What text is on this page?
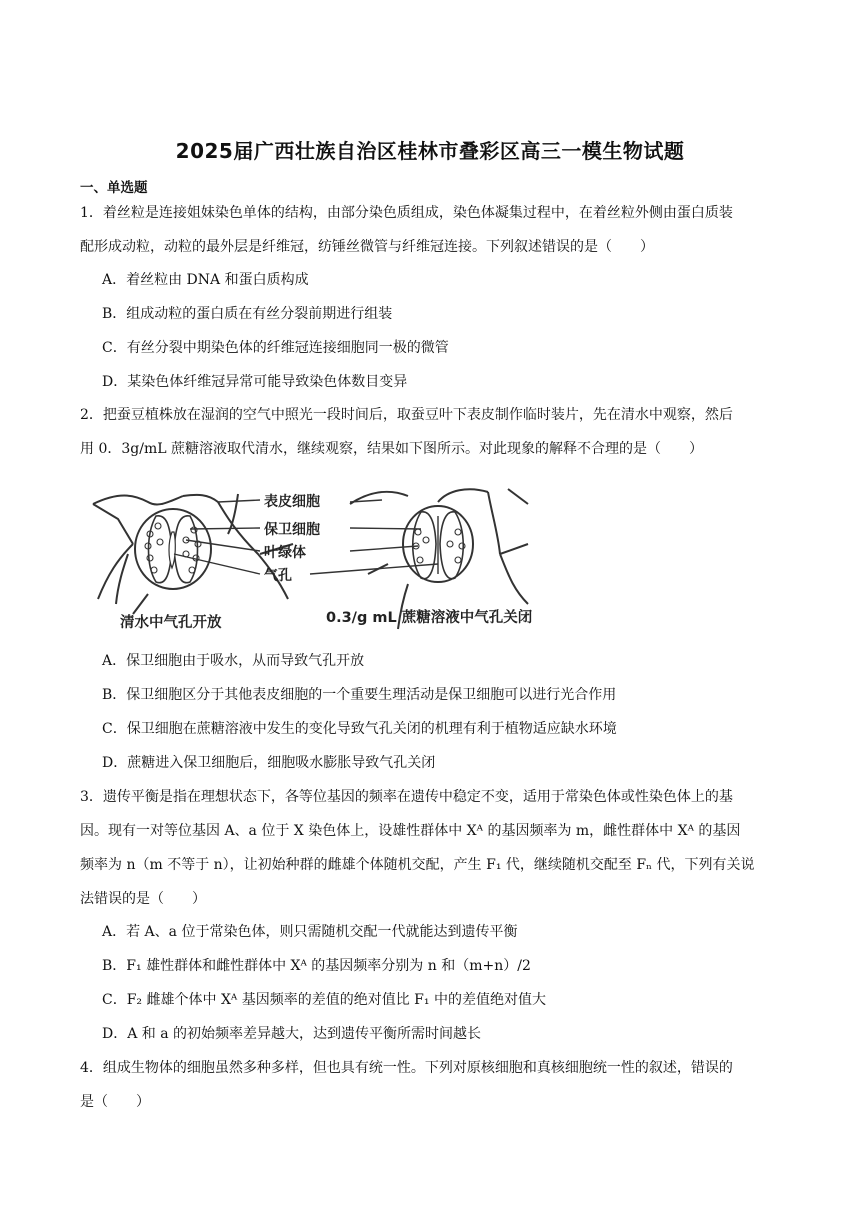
2025届广西壮族自治区桂林市叠彩区高三一模生物试题
一、单选题
1．着丝粒是连接姐妹染色单体的结构，由部分染色质组成，染色体凝集过程中，在着丝粒外侧由蛋白质装
配形成动粒，动粒的最外层是纤维冠，纺锤丝微管与纤维冠连接。下列叙述错误的是（　　）
A．着丝粒由 DNA 和蛋白质构成
B．组成动粒的蛋白质在有丝分裂前期进行组装
C．有丝分裂中期染色体的纤维冠连接细胞同一极的微管
D．某染色体纤维冠异常可能导致染色体数目变异
2．把蚕豆植株放在湿润的空气中照光一段时间后，取蚕豆叶下表皮制作临时装片，先在清水中观察，然后
用 0．3g/mL 蔗糖溶液取代清水，继续观察，结果如下图所示。对此现象的解释不合理的是（　　）
表皮细胞
保卫细胞
叶绿体
气孔
清水中气孔开放	0.3/g mL 蔗糖溶液中气孔关闭
A．保卫细胞由于吸水，从而导致气孔开放
B．保卫细胞区分于其他表皮细胞的一个重要生理活动是保卫细胞可以进行光合作用
C．保卫细胞在蔗糖溶液中发生的变化导致气孔关闭的机理有利于植物适应缺水环境
D．蔗糖进入保卫细胞后，细胞吸水膨胀导致气孔关闭
3．遗传平衡是指在理想状态下，各等位基因的频率在遗传中稳定不变，适用于常染色体或性染色体上的基
因。现有一对等位基因 A、a 位于 X 染色体上，设雄性群体中 Xᴬ 的基因频率为 m，雌性群体中 Xᴬ 的基因
频率为 n（m 不等于 n），让初始种群的雌雄个体随机交配，产生 F₁ 代，继续随机交配至 Fₙ 代，下列有关说
法错误的是（　　）
A．若 A、a 位于常染色体，则只需随机交配一代就能达到遗传平衡
B．F₁ 雄性群体和雌性群体中 Xᴬ 的基因频率分别为 n 和（m+n）/2
C．F₂ 雌雄个体中 Xᴬ 基因频率的差值的绝对值比 F₁ 中的差值绝对值大
D．A 和 a 的初始频率差异越大，达到遗传平衡所需时间越长
4．组成生物体的细胞虽然多种多样，但也具有统一性。下列对原核细胞和真核细胞统一性的叙述，错误的
是（　　）
